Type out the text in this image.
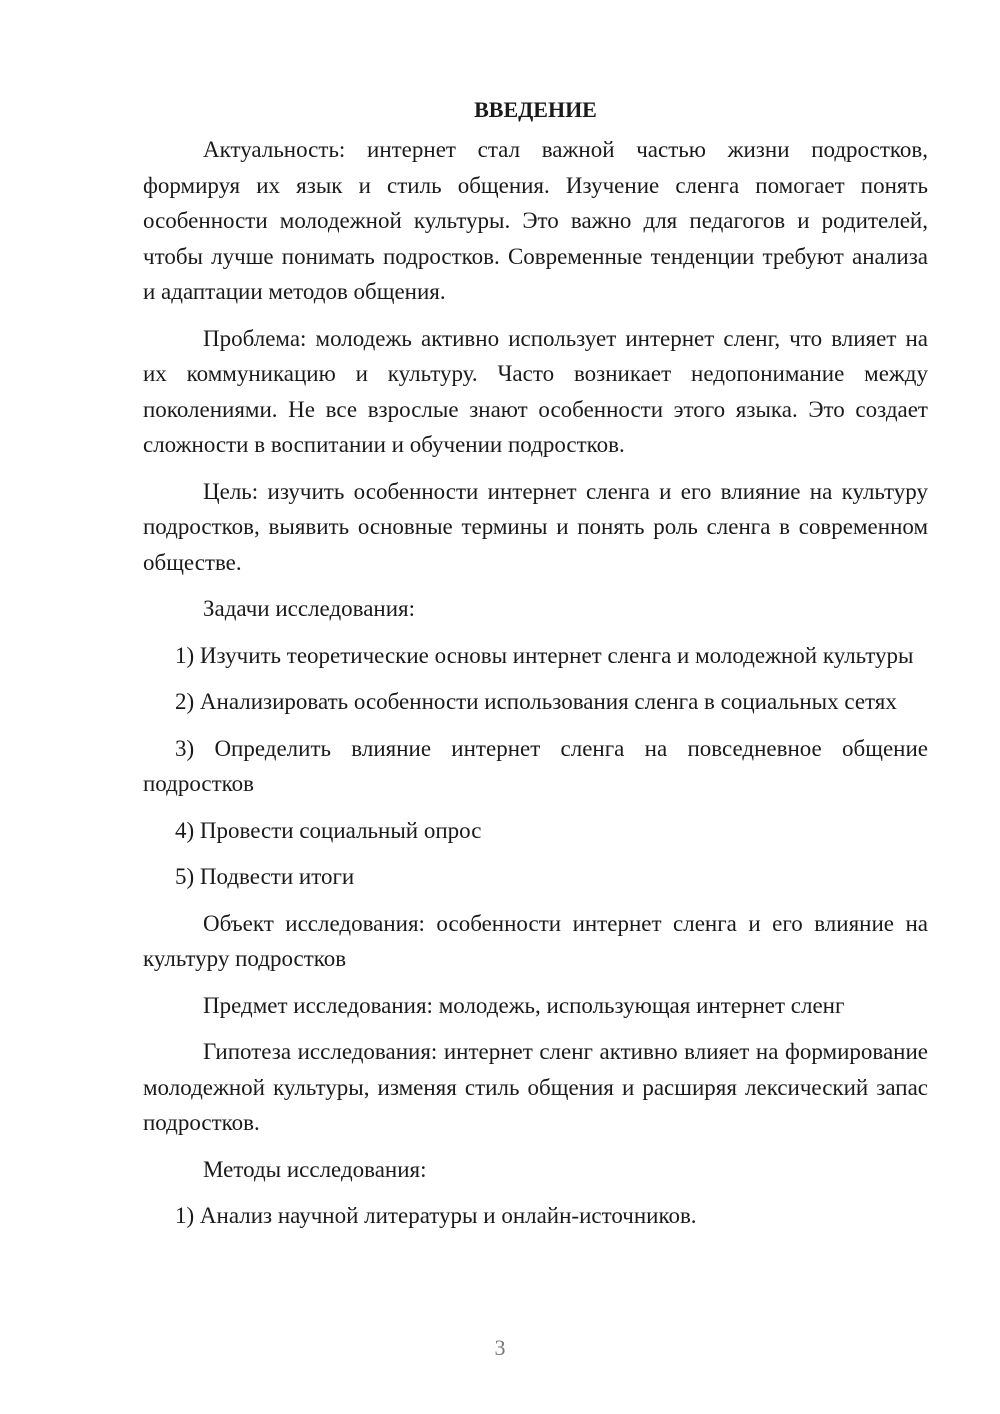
ВВЕДЕНИЕ

Актуальность: интернет стал важной частью жизни подростков, формируя их язык и стиль общения. Изучение сленга помогает понять особенности молодежной культуры. Это важно для педагогов и родителей, чтобы лучше понимать подростков. Современные тенденции требуют анализа и адаптации методов общения.

Проблема: молодежь активно использует интернет сленг, что влияет на их коммуникацию и культуру. Часто возникает недопонимание между поколениями. Не все взрослые знают особенности этого языка. Это создает сложности в воспитании и обучении подростков.

Цель: изучить особенности интернет сленга и его влияние на культуру подростков, выявить основные термины и понять роль сленга в современном обществе.

Задачи исследования:

1) Изучить теоретические основы интернет сленга и молодежной культуры

2) Анализировать особенности использования сленга в социальных сетях

3) Определить влияние интернет сленга на повседневное общение подростков

4) Провести социальный опрос

5) Подвести итоги

Объект исследования: особенности интернет сленга и его влияние на культуру подростков

Предмет исследования: молодежь, использующая интернет сленг

Гипотеза исследования: интернет сленг активно влияет на формирование молодежной культуры, изменяя стиль общения и расширяя лексический запас подростков.

Методы исследования:

1) Анализ научной литературы и онлайн-источников.

3
